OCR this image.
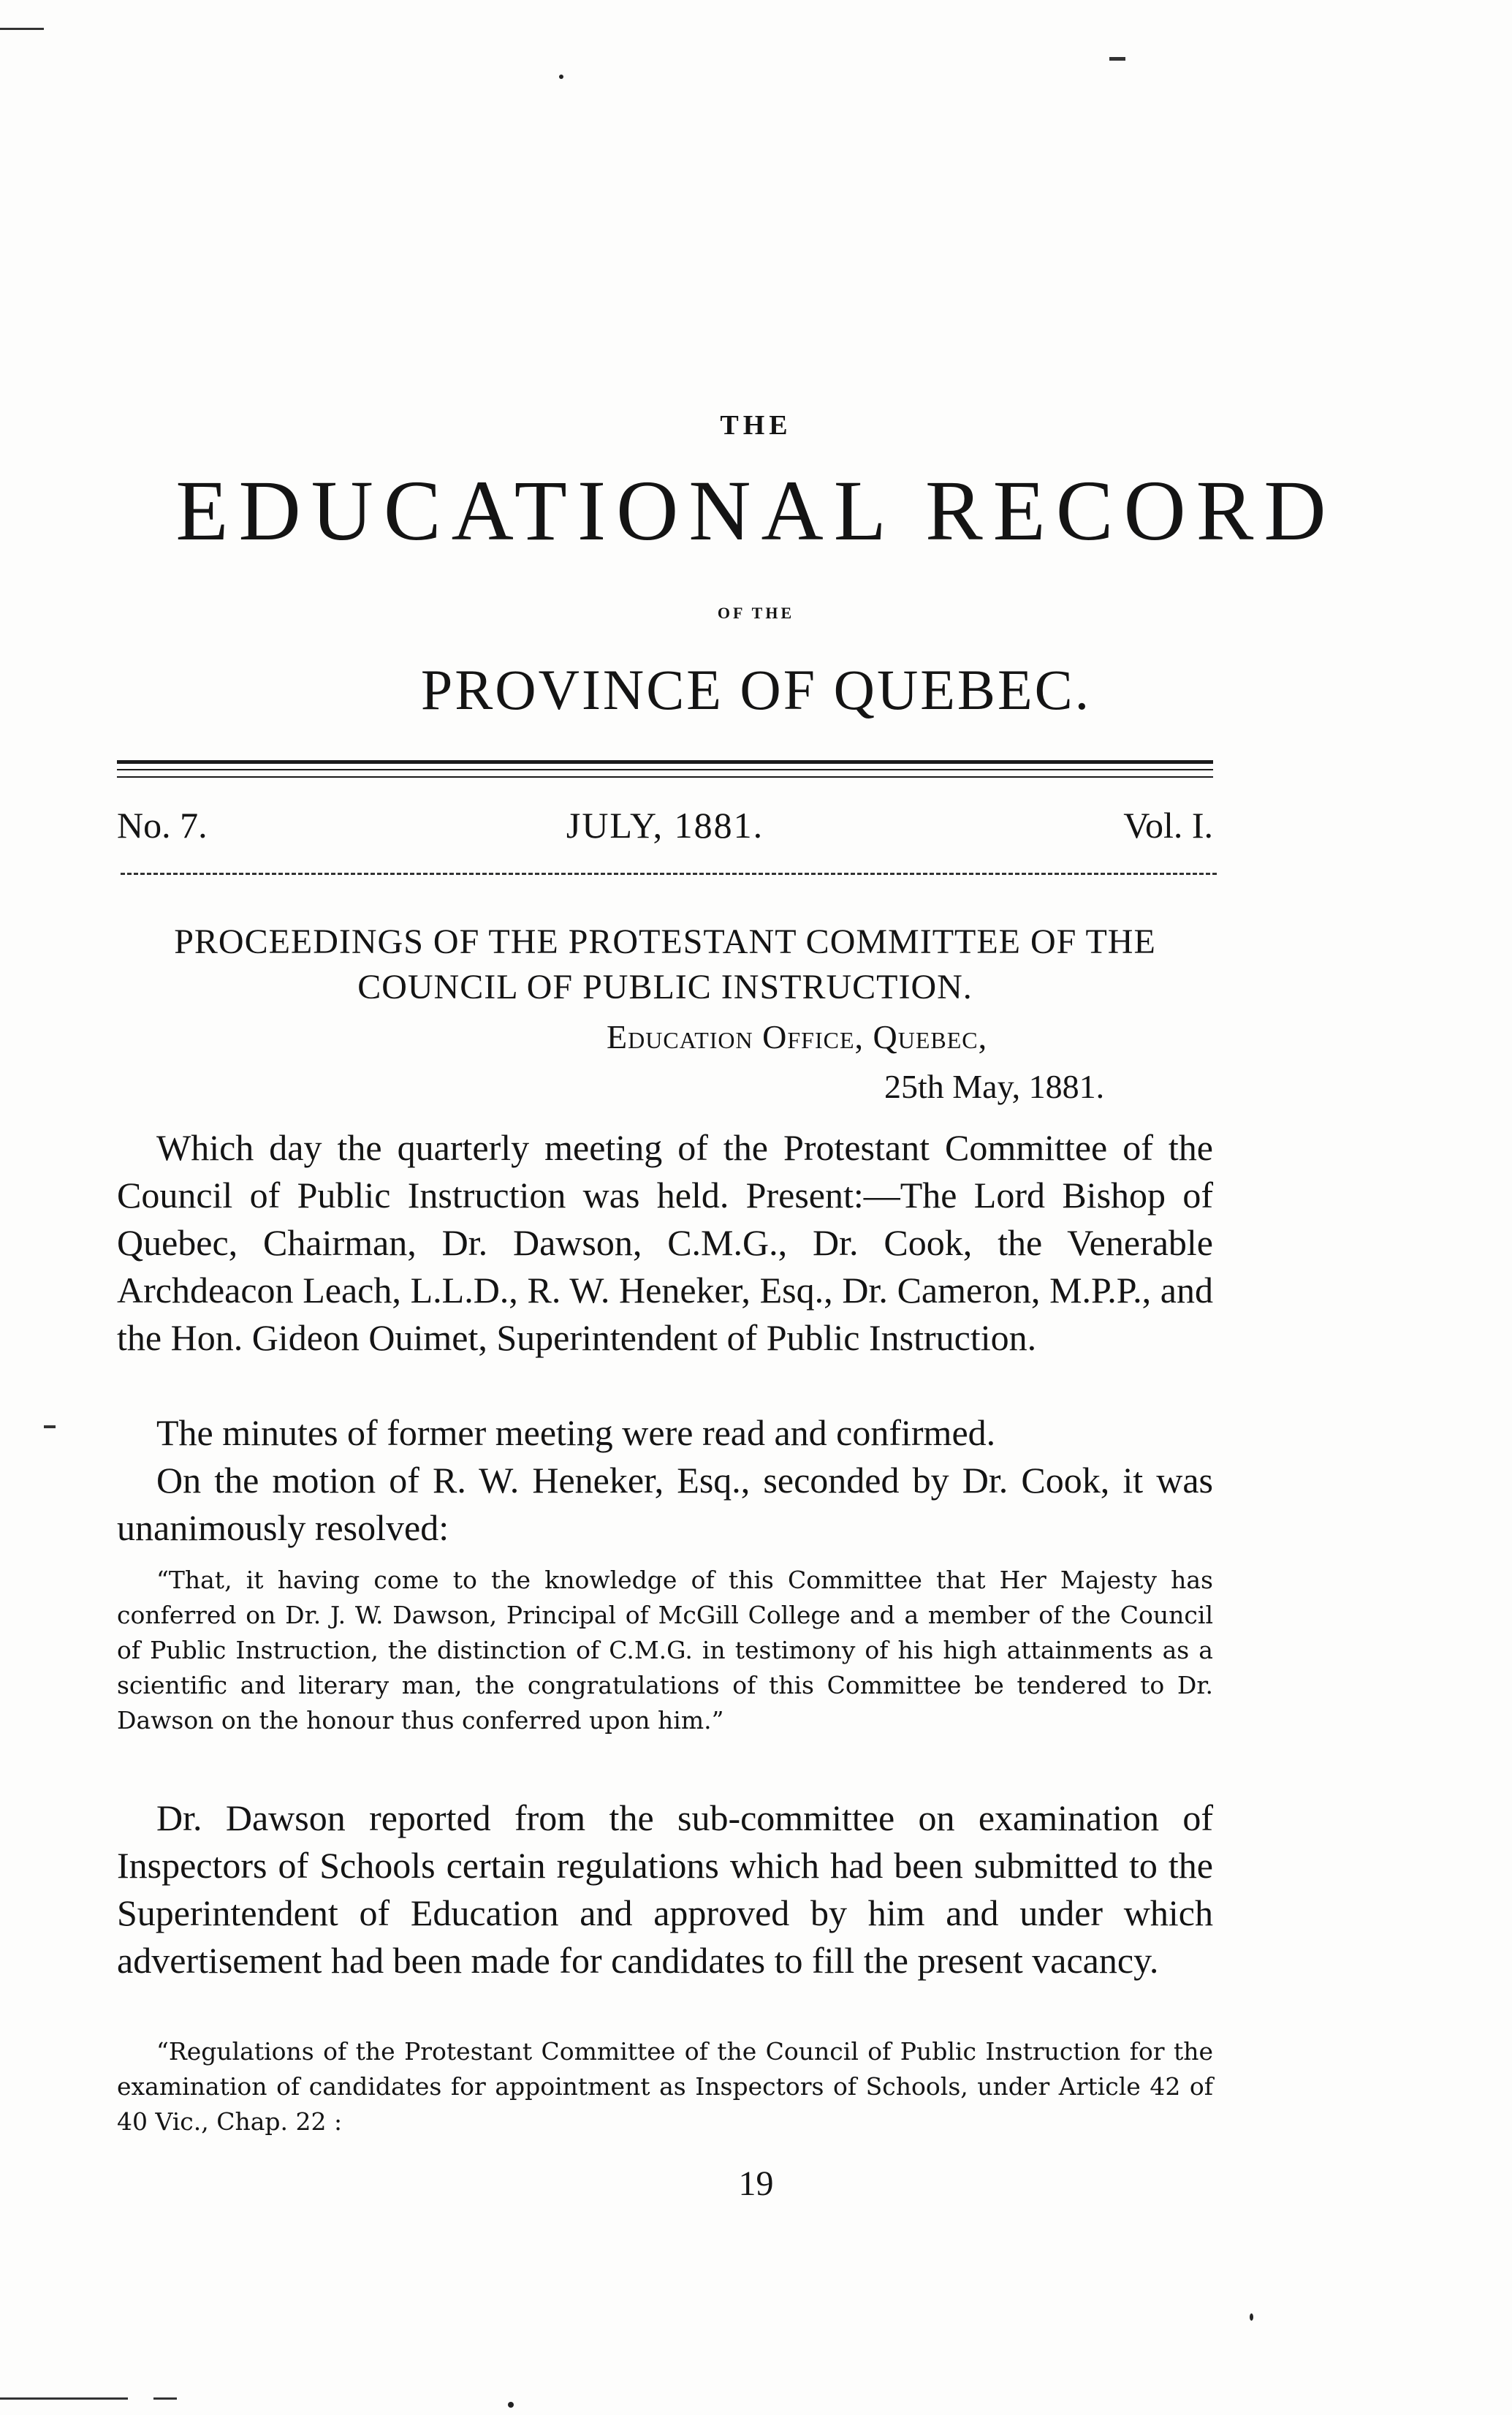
THE
EDUCATIONAL RECORD
OF THE
PROVINCE OF QUEBEC.
No. 7.	JULY, 1881.	Vol. I.
PROCEEDINGS OF THE PROTESTANT COMMITTEE OF THE COUNCIL OF PUBLIC INSTRUCTION.
Education Office, Quebec,
25th May, 1881.
Which day the quarterly meeting of the Protestant Committee of the Council of Public Instruction was held. Present:—The Lord Bishop of Quebec, Chairman, Dr. Dawson, C.M.G., Dr. Cook, the Venerable Archdeacon Leach, L.L.D., R. W. Heneker, Esq., Dr. Cameron, M.P.P., and the Hon. Gideon Ouimet, Superintendent of Public Instruction.
The minutes of former meeting were read and confirmed.
On the motion of R. W. Heneker, Esq., seconded by Dr. Cook, it was unanimously resolved:
“That, it having come to the knowledge of this Committee that Her Majesty has conferred on Dr. J. W. Dawson, Principal of McGill College and a member of the Council of Public Instruction, the distinction of C.M.G. in testimony of his high attainments as a scientific and literary man, the congratulations of this Committee be tendered to Dr. Dawson on the honour thus conferred upon him.”
Dr. Dawson reported from the sub-committee on examination of Inspectors of Schools certain regulations which had been submitted to the Superintendent of Education and approved by him and under which advertisement had been made for candidates to fill the present vacancy.
“Regulations of the Protestant Committee of the Council of Public Instruction for the examination of candidates for appointment as Inspectors of Schools, under Article 42 of 40 Vic., Chap. 22 :
19
